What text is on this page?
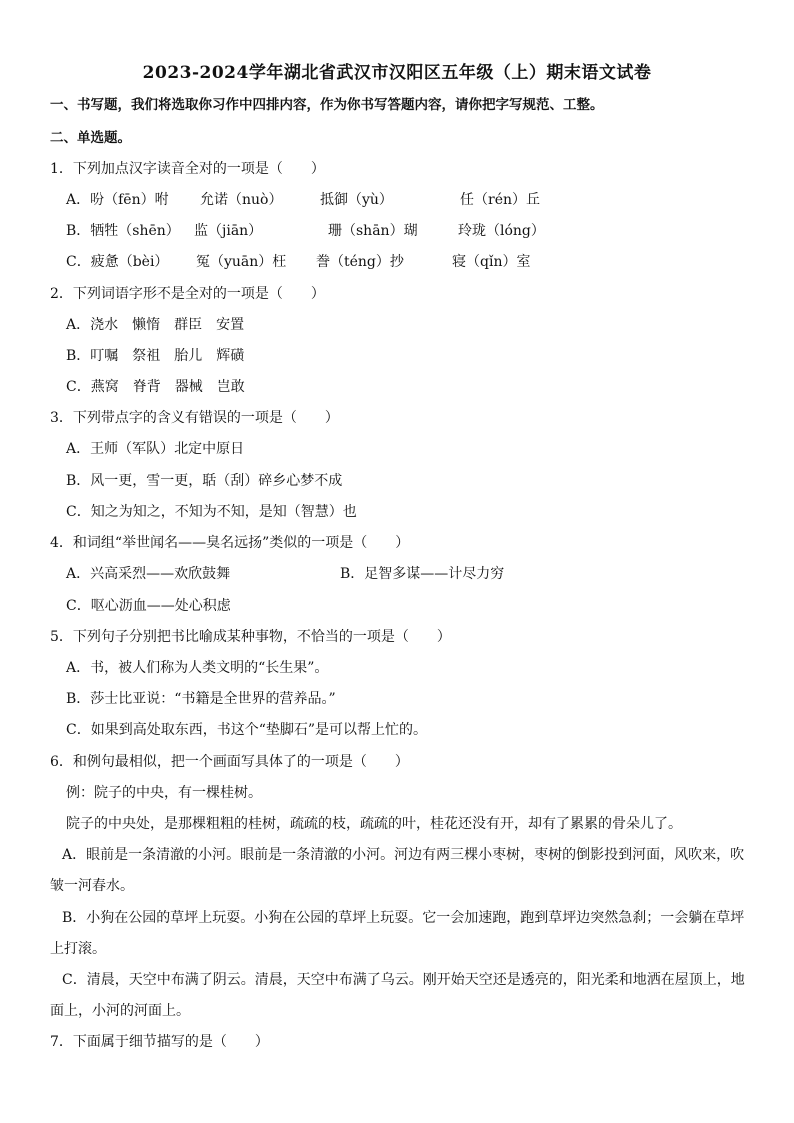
2023-2024学年湖北省武汉市汉阳区五年级（上）期末语文试卷
一、书写题，我们将选取你习作中四排内容，作为你书写答题内容，请你把字写规范、工整。
二、单选题。
1．下列加点汉字读音全对的一项是（　　）
A．吩（fēn）咐 允诺（nuò）	抵御（yù）	任（rén）丘
B．牺牲（shēn） 监（jiān）	珊（shān）瑚	玲珑（lóng）
C．疲惫（bèi） 冤（yuān）枉 誊（téng）抄	寝（qǐn）室
2．下列词语字形不是全对的一项是（　　）
A．浇水　懒惰　群臣　安置
B．叮嘱　祭祖　胎儿　辉磺
C．燕窝　脊背　器械　岂敢
3．下列带点字的含义有错误的一项是（　　）
A．王师（军队）北定中原日
B．风一更，雪一更，聒（刮）碎乡心梦不成
C．知之为知之，不知为不知，是知（智慧）也
4．和词组“举世闻名——臭名远扬”类似的一项是（　　）
A．兴高采烈——欢欣鼓舞	B．足智多谋——计尽力穷
C．呕心沥血——处心积虑
5．下列句子分别把书比喻成某种事物，不恰当的一项是（　　）
A．书，被人们称为人类文明的“长生果”。
B．莎士比亚说：“书籍是全世界的营养品。”
C．如果到高处取东西，书这个“垫脚石”是可以帮上忙的。
6．和例句最相似，把一个画面写具体了的一项是（　　）
例：院子的中央，有一棵桂树。
院子的中央处，是那棵粗粗的桂树，疏疏的枝，疏疏的叶，桂花还没有开，却有了累累的骨朵儿了。
A．眼前是一条清澈的小河。眼前是一条清澈的小河。河边有两三棵小枣树，枣树的倒影投到河面，风吹来，吹
皱一河春水。
B．小狗在公园的草坪上玩耍。小狗在公园的草坪上玩耍。它一会加速跑，跑到草坪边突然急刹；一会躺在草坪
上打滚。
C．清晨，天空中布满了阴云。清晨，天空中布满了乌云。刚开始天空还是透亮的，阳光柔和地洒在屋顶上，地
面上，小河的河面上。
7．下面属于细节描写的是（　　）
